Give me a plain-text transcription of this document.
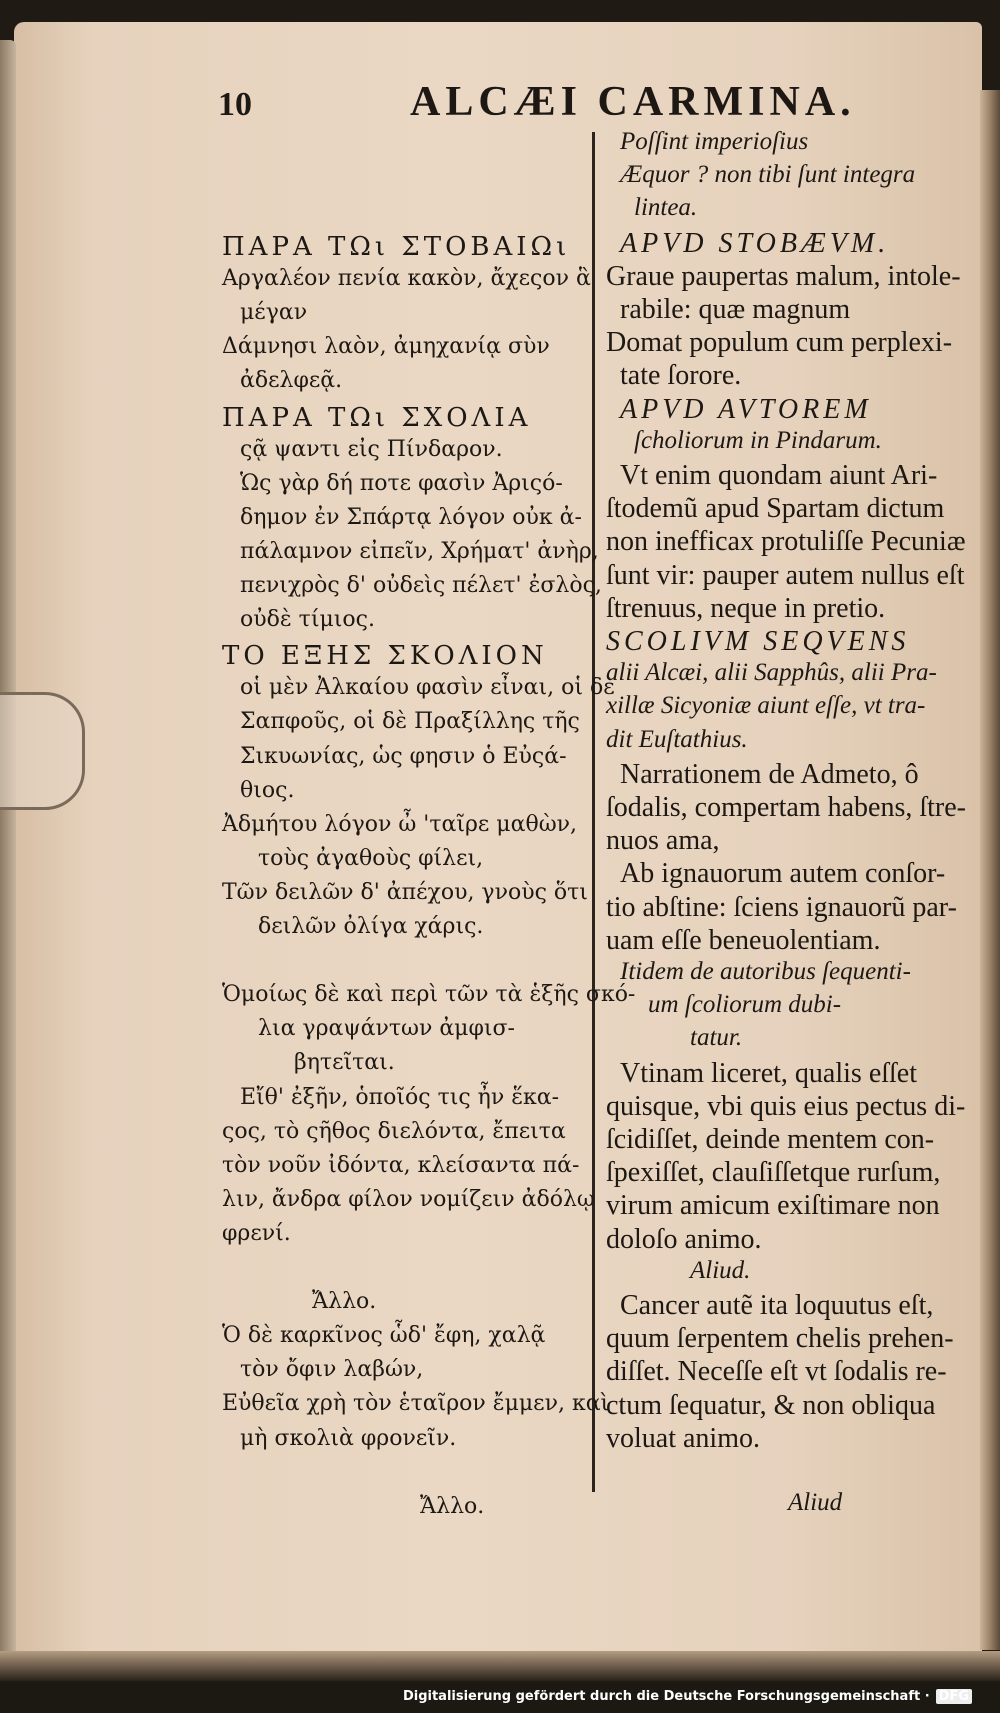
10	ALCÆI CARMINA.
ΠΑΡΑ ΤΩι ΣΤΟΒΑΙΩι
Αργαλέον πενία κακὸν, ἄχεςον ἃ
μέγαν
Δάμνησι λαὸν, ἀμηχανίᾳ σὺν
ἀδελφεᾷ.
ΠΑΡΑ ΤΩι ΣΧΟΛΙΑ
ςᾷ ψαντι εἰς Πίνδαρον.
Ὡς γὰρ δή ποτε φασὶν Ἀριςό-
δημον ἐν Σπάρτᾳ λόγον οὐκ ἀ-
πάλαμνον εἰπεῖν, Χρήματ' ἀνὴρ,
πενιχρὸς δ' οὐδεὶς πέλετ' ἐσλὸς,
οὐδὲ τίμιος.
ΤΟ ΕΞΗΣ ΣΚΟΛΙΟΝ
οἱ μὲν Ἀλκαίου φασὶν εἶναι, οἱ δὲ
Σαπφοῦς, οἱ δὲ Πραξίλλης τῆς
Σικυωνίας, ὡς φησιν ὁ Εὐςά-
θιος.
Ἀδμήτου λόγον ὦ 'ταῖρε μαθὼν,
τοὺς ἀγαθοὺς φίλει,
Τῶν δειλῶν δ' ἀπέχου, γνοὺς ὅτι
δειλῶν ὀλίγα χάρις.
Ὁμοίως δὲ καὶ περὶ τῶν τὰ ἑξῆς σκό-
λια γραψάντων ἀμφισ-
βητεῖται.
Εἴθ' ἐξῆν, ὁποῖός τις ἦν ἕκα-
ςος, τὸ ςῆθος διελόντα, ἔπειτα
τὸν νοῦν ἰδόντα, κλείσαντα πά-
λιν, ἄνδρα φίλον νομίζειν ἀδόλῳ
φρενί.
Ἄλλο.
Ὁ δὲ καρκῖνος ὧδ' ἔφη, χαλᾷ
τὸν ὄφιν λαβών,
Εὐθεῖα χρὴ τὸν ἑταῖρον ἔμμεν, καὶ
μὴ σκολιὰ φρονεῖν.
Ἄλλο.
Poſſint imperioſius
Æquor ? non tibi ſunt integra
lintea.
APVD STOBÆVM.
Graue paupertas malum, intole-
rabile: quæ magnum
Domat populum cum perplexi-
tate ſorore.
APVD AVTOREM
ſcholiorum in Pindarum.
Vt enim quondam aiunt Ari-
ſtodemũ apud Spartam dictum
non inefficax protuliſſe Pecuniæ
ſunt vir: pauper autem nullus eſt
ſtrenuus, neque in pretio.
SCOLIVM SEQVENS
alii Alcæi, alii Sapphûs, alii Pra-
xillæ Sicyoniæ aiunt eſſe, vt tra-
dit Euſtathius.
Narrationem de Admeto, ô
ſodalis, compertam habens, ſtre-
nuos ama,
Ab ignauorum autem conſor-
tio abſtine: ſciens ignauorũ par-
uam eſſe beneuolentiam.
Itidem de autoribus ſequenti-
um ſcoliorum dubi-
tatur.
Vtinam liceret, qualis eſſet
quisque, vbi quis eius pectus di-
ſcidiſſet, deinde mentem con-
ſpexiſſet, clauſiſſetque rurſum,
virum amicum exiſtimare non
doloſo animo.
Aliud.
Cancer autẽ ita loquutus eſt,
quum ſerpentem chelis prehen-
diſſet. Neceſſe eſt vt ſodalis re-
ctum ſequatur, & non obliqua
voluat animo.
Aliud
Digitalisierung gefördert durch die Deutsche Forschungsgemeinschaft · DFG
